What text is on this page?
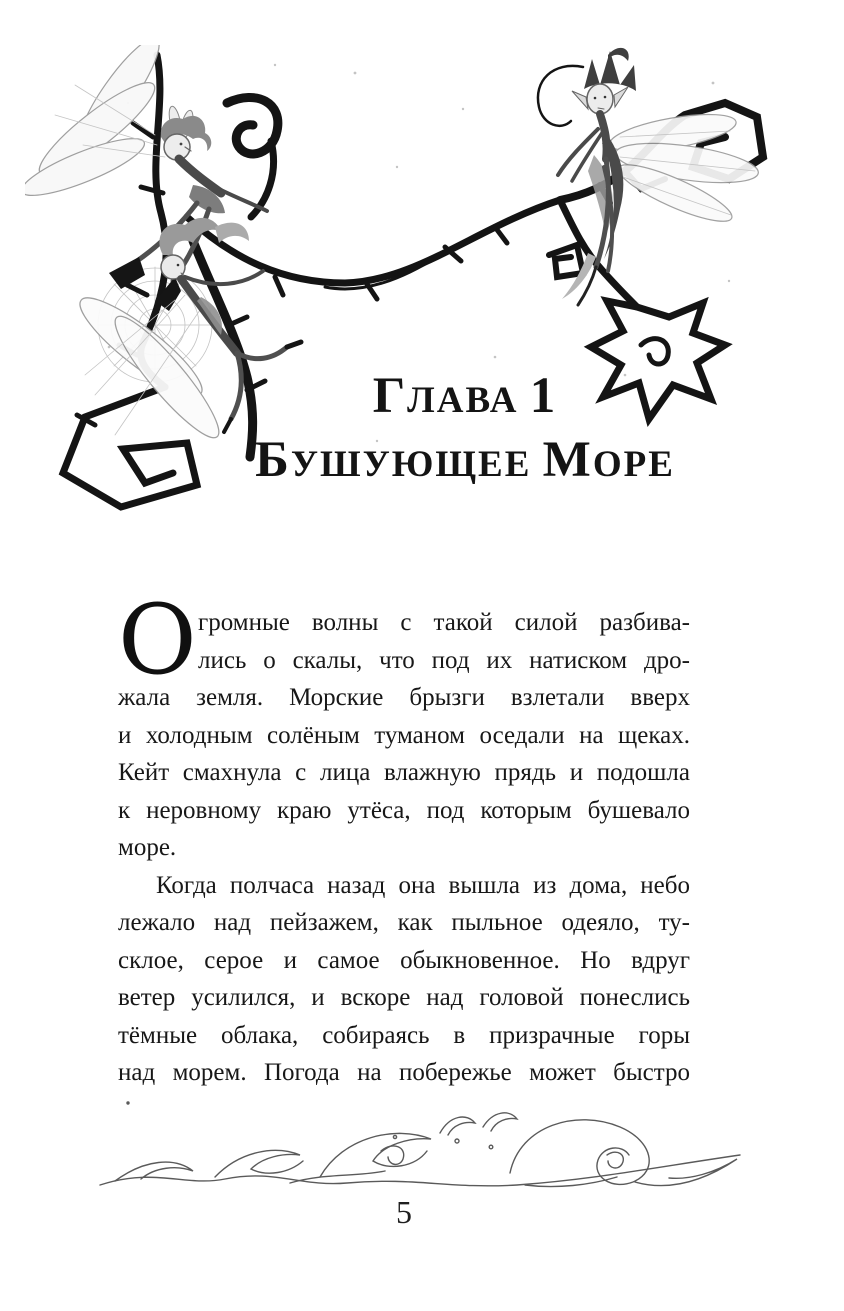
ГЛАВА 1
БУШУЮЩЕЕ МОРЕ
О громные волны с такой силой разбива-
лись о скалы, что под их натиском дро-
жала земля. Морские брызги взлетали вверх
и холодным солёным туманом оседали на щеках.
Кейт смахнула с лица влажную прядь и подошла
к неровному краю утёса, под которым бушевало
море.
Когда полчаса назад она вышла из дома, небо
лежало над пейзажем, как пыльное одеяло, ту-
склое, серое и самое обыкновенное. Но вдруг
ветер усилился, и вскоре над головой понеслись
тёмные облака, собираясь в призрачные горы
над морем. Погода на побережье может быстро
5
